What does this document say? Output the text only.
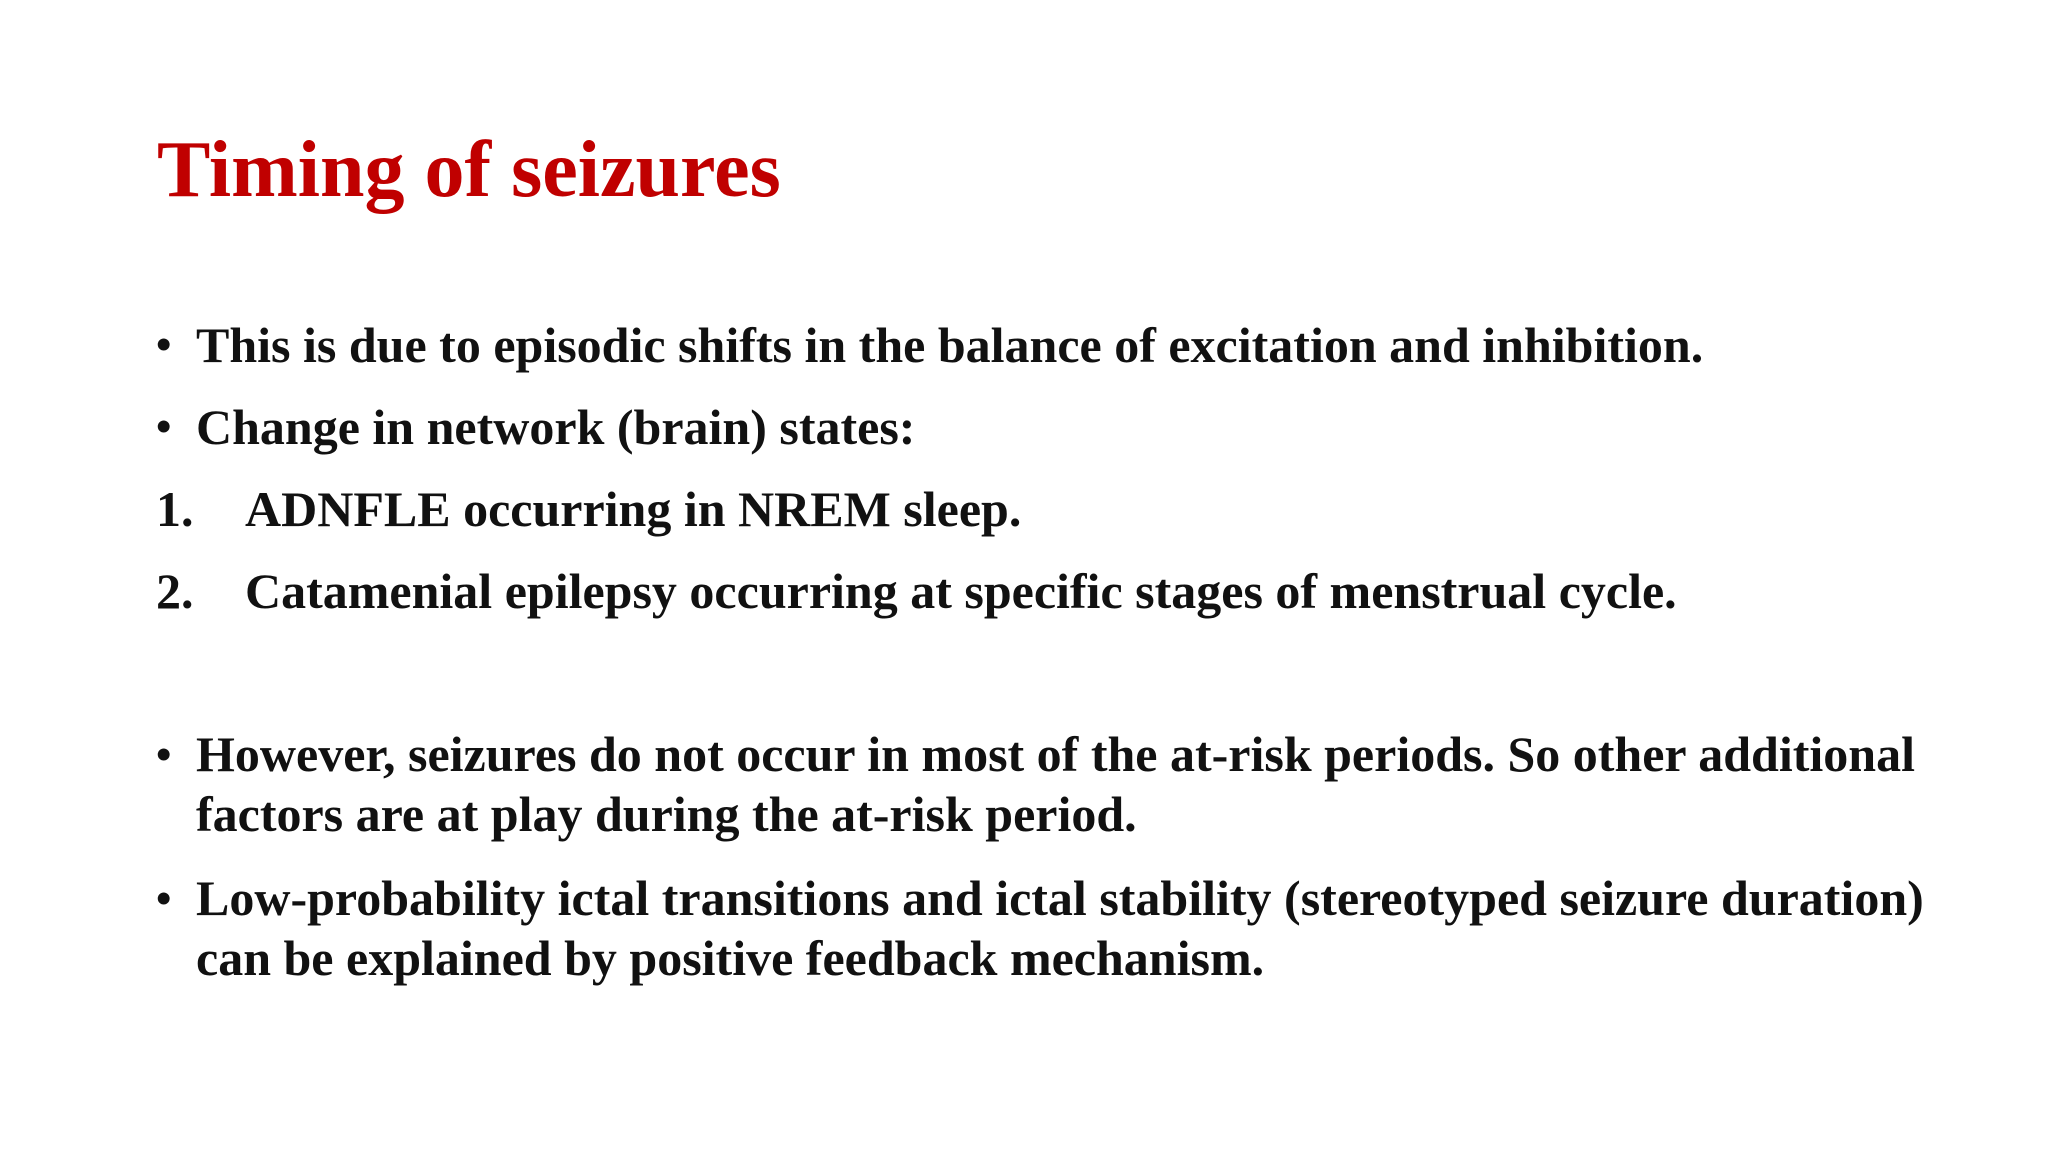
Timing of seizures
• This is due to episodic shifts in the balance of excitation and inhibition.
• Change in network (brain) states:
1. ADNFLE occurring in NREM sleep.
2. Catamenial epilepsy occurring at specific stages of menstrual cycle.
• However, seizures do not occur in most of the at-risk periods. So other additional factors are at play during the at-risk period.
• Low-probability ictal transitions and ictal stability (stereotyped seizure duration) can be explained by positive feedback mechanism.
